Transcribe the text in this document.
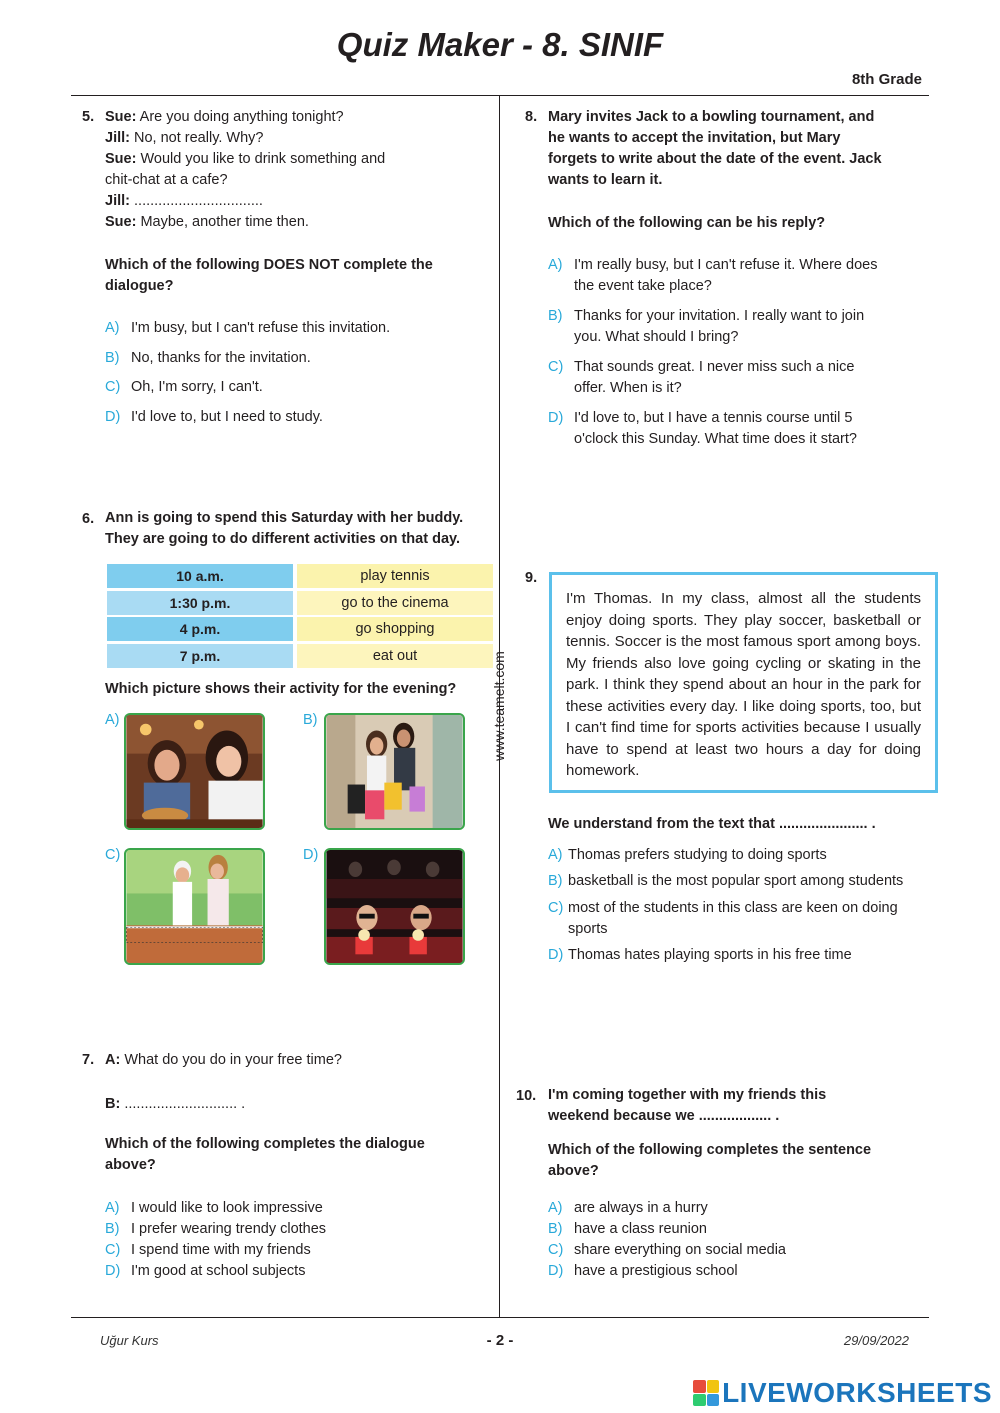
Quiz Maker - 8. SINIF
8th Grade
5. Sue: Are you doing anything tonight?
Jill: No, not really. Why?
Sue: Would you like to drink something and
chit-chat at a cafe?
Jill: ................................
Sue: Maybe, another time then.
Which of the following DOES NOT complete the
dialogue?
A) I'm busy, but I can't refuse this invitation.
B) No, thanks for the invitation.
C) Oh, I'm sorry, I can't.
D) I'd love to, but I need to study.
6. Ann is going to spend this Saturday with her buddy.
They are going to do different activities on that day.
10 a.m.	play tennis
1:30 p.m.	go to the cinema
4 p.m.	go shopping
7 p.m.	eat out
Which picture shows their activity for the evening?
A)	B)
C)	D)
7. A: What do you do in your free time?
B: ............................ .
Which of the following completes the dialogue
above?
A) I would like to look impressive
B) I prefer wearing trendy clothes
C) I spend time with my friends
D) I'm good at school subjects
www.teamelt.com
8. Mary invites Jack to a bowling tournament, and
he wants to accept the invitation, but Mary
forgets to write about the date of the event. Jack
wants to learn it.
Which of the following can be his reply?
A) I'm really busy, but I can't refuse it. Where does
the event take place?
B) Thanks for your invitation. I really want to join
you. What should I bring?
C) That sounds great. I never miss such a nice
offer. When is it?
D) I'd love to, but I have a tennis course until 5
o'clock this Sunday. What time does it start?
9.
I'm Thomas. In my class, almost all the students enjoy doing sports. They play soccer, basketball or tennis. Soccer is the most famous sport among boys. My friends also love going cycling or skating in the park. I think they spend about an hour in the park for these activities every day. I like doing sports, too, but I can't find time for sports activities because I usually have to spend at least two hours a day for doing homework.
We understand from the text that ...................... .
A) Thomas prefers studying to doing sports
B) basketball is the most popular sport among students
C) most of the students in this class are keen on doing
sports
D) Thomas hates playing sports in his free time
10. I'm coming together with my friends this
weekend because we .................. .
Which of the following completes the sentence
above?
A) are always in a hurry
B) have a class reunion
C) share everything on social media
D) have a prestigious school
Uğur Kurs	- 2 -	29/09/2022
LIVEWORKSHEETS
